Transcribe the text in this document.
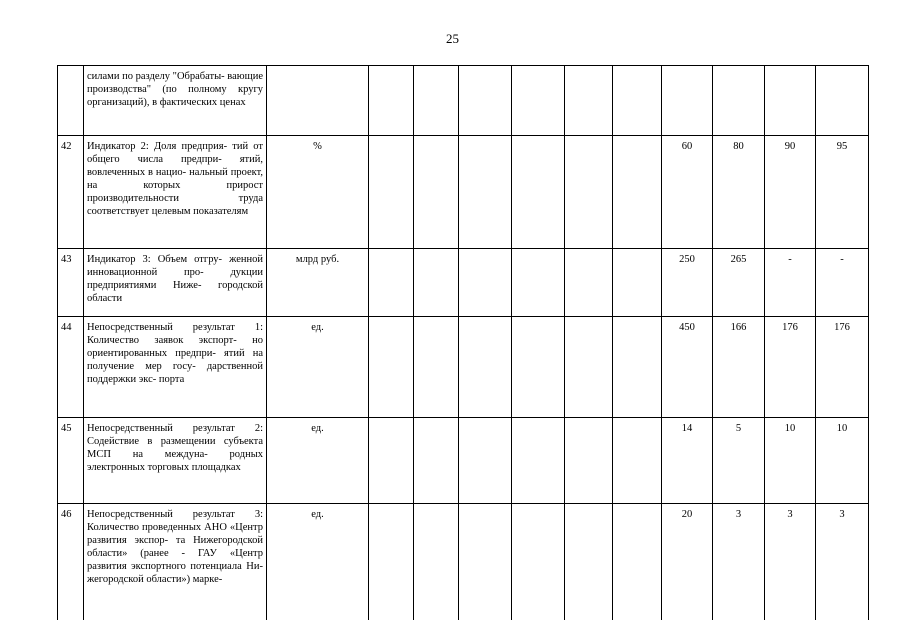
25
	силами по разделу "Обрабаты- вающие производства" (по полному кругу организаций), в фактических ценах											
42	Индикатор 2: Доля предприя- тий от общего числа предпри- ятий, вовлеченных в нацио- нальный проект, на которых прирост производительности труда соответствует целевым показателям	%							60	80	90	95
43	Индикатор 3: Объем отгру- женной инновационной про- дукции предприятиями Ниже- городской области	млрд руб.							250	265	-	-
44	Непосредственный результат 1: Количество заявок экспорт- но ориентированных предпри- ятий на получение мер госу- дарственной поддержки экс- порта	ед.							450	166	176	176
45	Непосредственный результат 2: Содействие в размещении субъекта МСП на междуна- родных электронных торговых площадках	ед.							14	5	10	10
46	Непосредственный результат 3: Количество проведенных АНО «Центр развития экспор- та Нижегородской области» (ранее - ГАУ «Центр развития экспортного потенциала Ни- жегородской области») марке-	ед.							20	3	3	3
